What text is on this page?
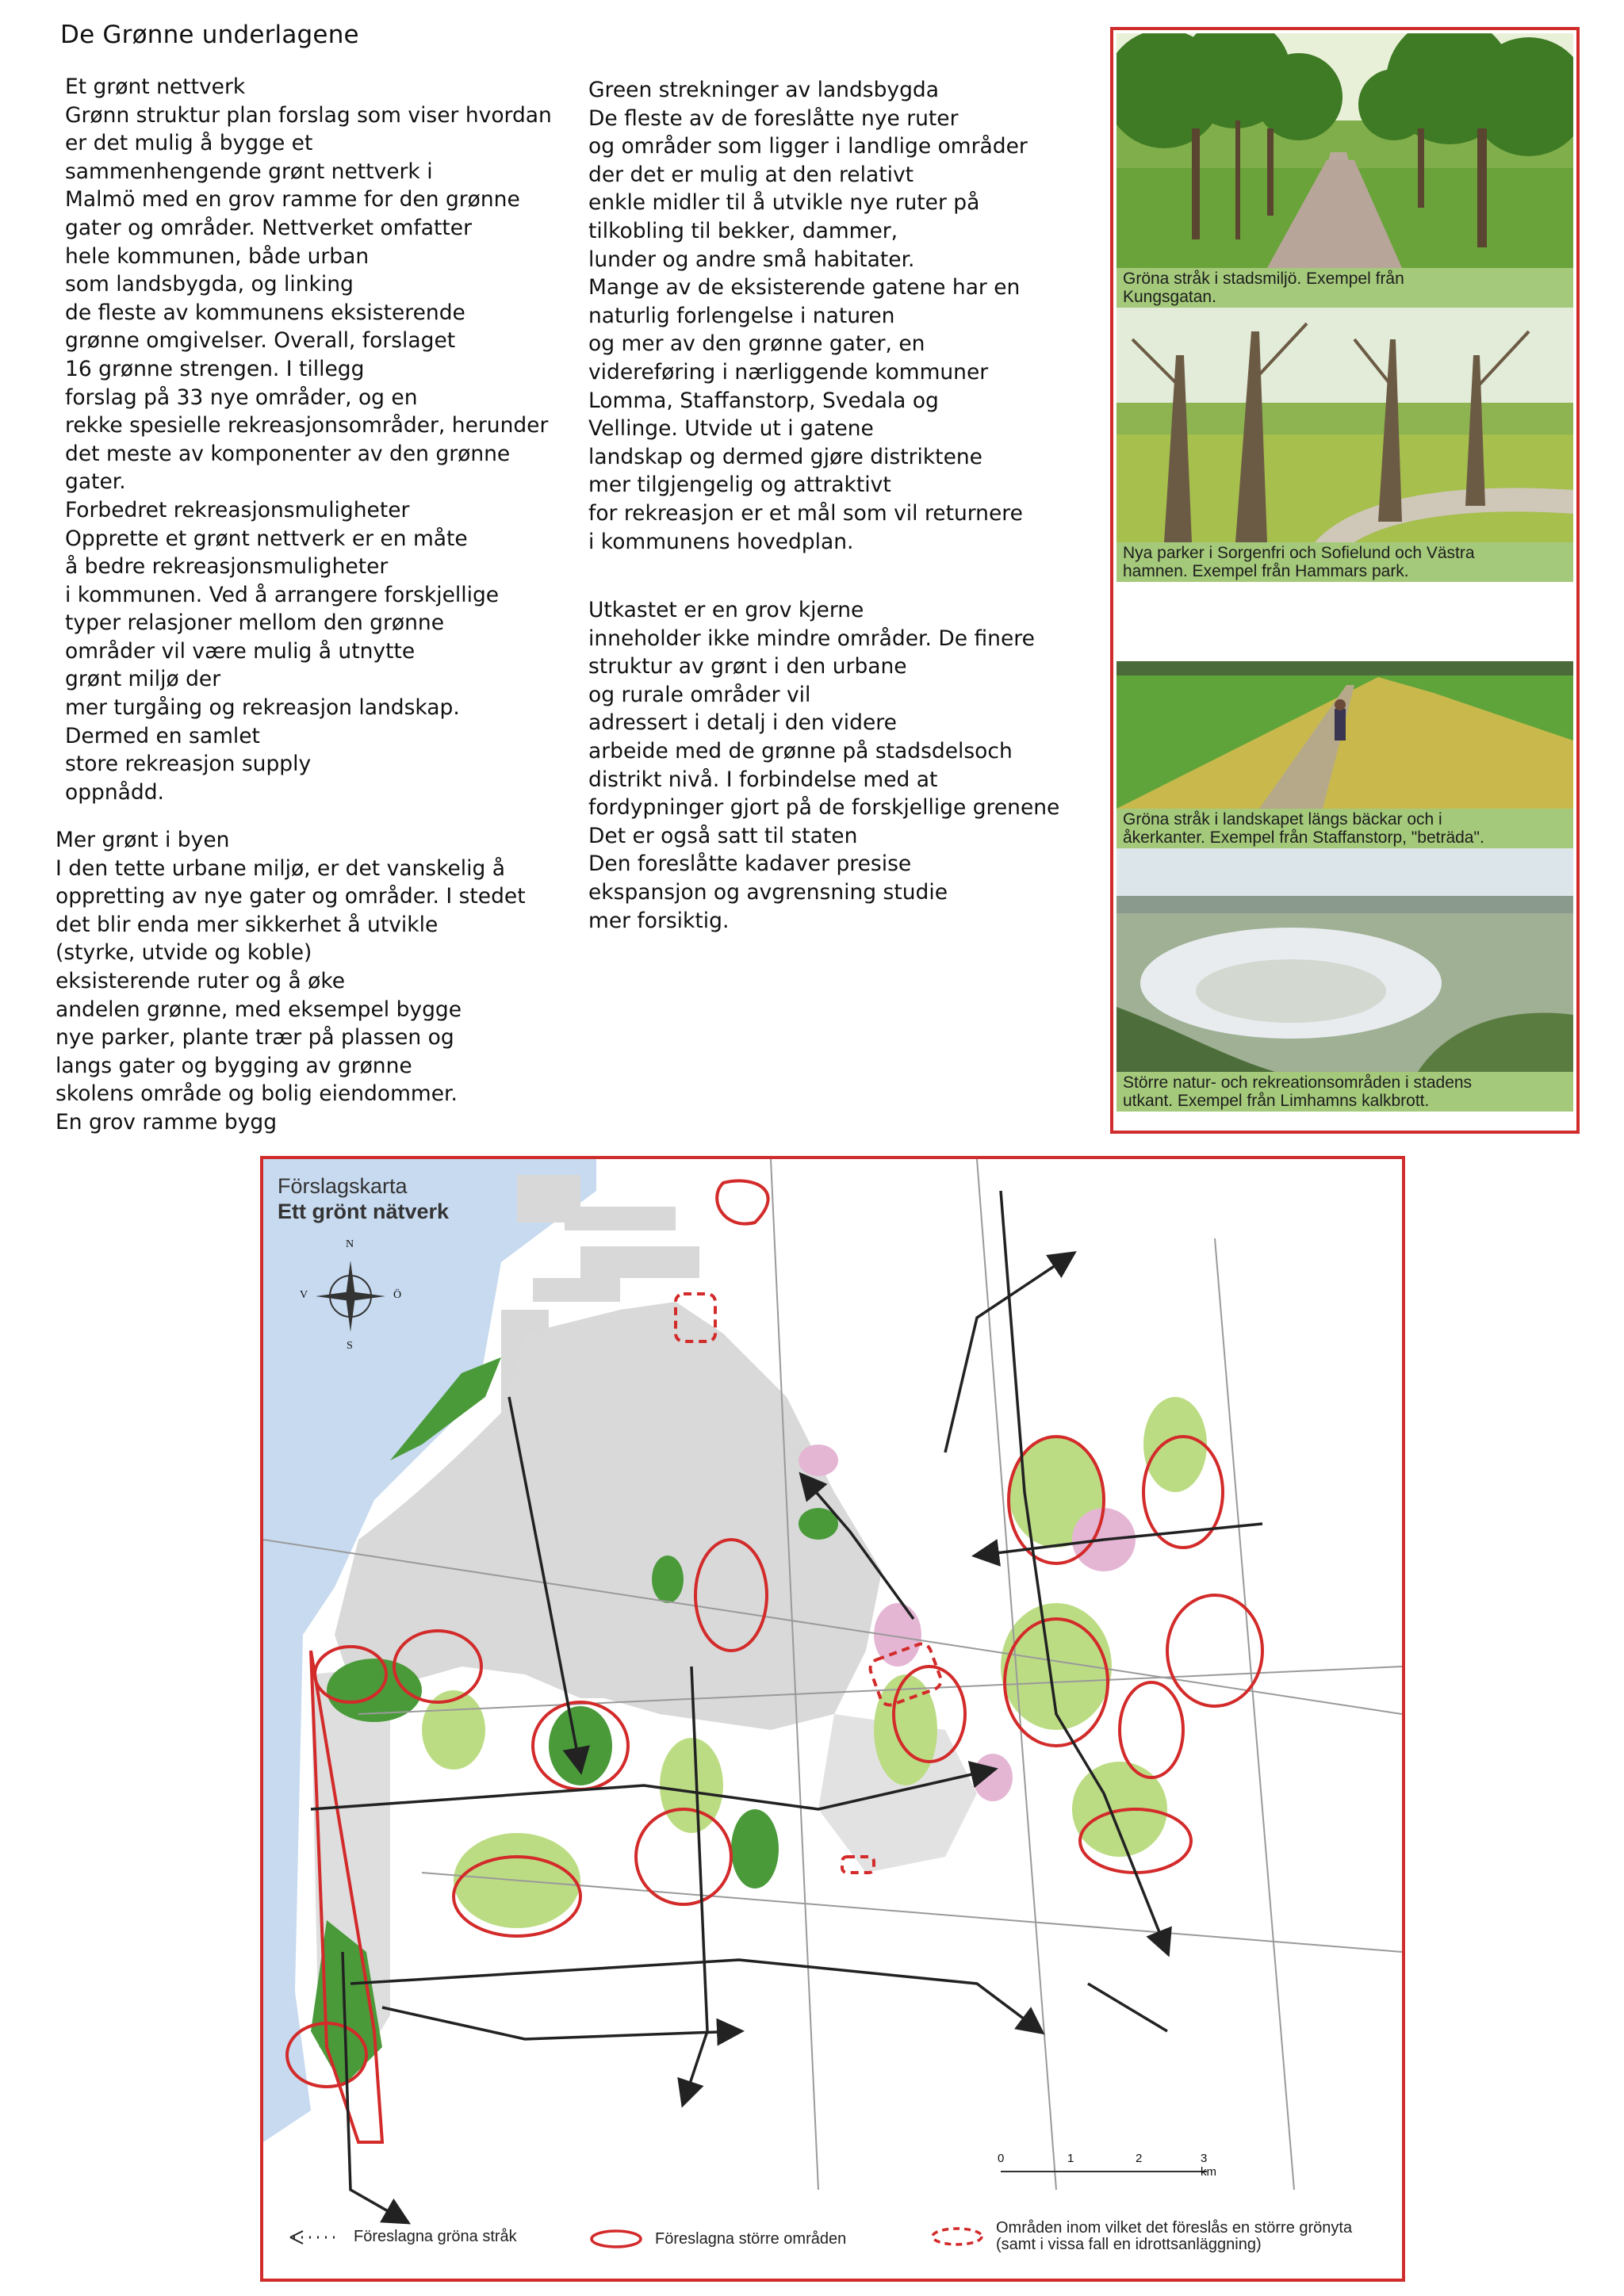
De Grønne underlagene

Et grønt nettverk

Grønn struktur plan forslag som viser hvordan

er det mulig å bygge et

sammenhengende grønt nettverk i

Malmö med en grov ramme for den grønne

gater og områder. Nettverket omfatter

hele kommunen, både urban

som landsbygda, og linking

de fleste av kommunens eksisterende

grønne omgivelser. Overall, forslaget

16 grønne strengen. I tillegg

forslag på 33 nye områder, og en

rekke spesielle rekreasjonsområder, herunder

det meste av komponenter av den grønne

gater.

Forbedret rekreasjonsmuligheter

Opprette et grønt nettverk er en måte

å bedre rekreasjonsmuligheter

i kommunen. Ved å arrangere forskjellige

typer relasjoner mellom den grønne

områder vil være mulig å utnytte

grønt miljø der

mer turgåing og rekreasjon landskap.

Dermed en samlet

store rekreasjon supply

oppnådd.

Mer grønt i byen

I den tette urbane miljø, er det vanskelig å

oppretting av nye gater og områder. I stedet

det blir enda mer sikkerhet å utvikle

(styrke, utvide og koble)

eksisterende ruter og å øke

andelen grønne, med eksempel bygge

nye parker, plante trær på plassen og

langs gater og bygging av grønne

skolens område og bolig eiendommer.

En grov ramme bygg

Green strekninger av landsbygda

De fleste av de foreslåtte nye ruter

og områder som ligger i landlige områder

der det er mulig at den relativt

enkle midler til å utvikle nye ruter på

tilkobling til bekker, dammer,

lunder og andre små habitater.

Mange av de eksisterende gatene har en

naturlig forlengelse i naturen

og mer av den grønne gater, en

videreføring i nærliggende kommuner

Lomma, Staffanstorp, Svedala og

Vellinge. Utvide ut i gatene

landskap og dermed gjøre distriktene

mer tilgjengelig og attraktivt

for rekreasjon er et mål som vil returnere

i kommunens hovedplan.

Utkastet er en grov kjerne

inneholder ikke mindre områder. De finere

struktur av grønt i den urbane

og rurale områder vil

adressert i detalj i den videre

arbeide med de grønne på stadsdelsoch

distrikt nivå. I forbindelse med at

fordypninger gjort på de forskjellige grenene

Det er også satt til staten

Den foreslåtte kadaver presise

ekspansjon og avgrensning studie

mer forsiktig.

Gröna stråk i stadsmiljö. Exempel från
Kungsgatan.
Nya parker i Sorgenfri och Sofielund och Västra
hamnen. Exempel från Hammars park.
Gröna stråk i landskapet längs bäckar och i
åkerkanter. Exempel från Staffanstorp, "beträda".
Större natur- och rekreationsområden i stadens
utkant. Exempel från Limhamns kalkbrott.
Förslagskarta
Ett grönt nätverk
N
S
V	Ö
0	1	2	3 km
Föreslagna gröna stråk	Föreslagna större områden
Områden inom vilket det föreslås en större grönyta
(samt i vissa fall en idrottsanläggning)
